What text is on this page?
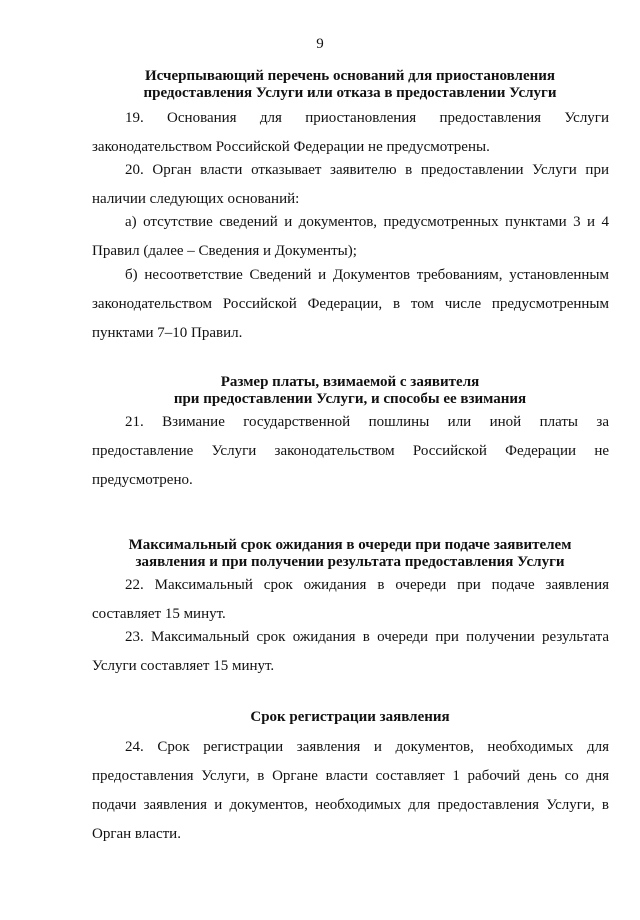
9
Исчерпывающий перечень оснований для приостановления
предоставления Услуги или отказа в предоставлении Услуги
19. Основания для приостановления предоставления Услуги законодательством Российской Федерации не предусмотрены.
20. Орган власти отказывает заявителю в предоставлении Услуги при наличии следующих оснований:
а) отсутствие сведений и документов, предусмотренных пунктами 3 и 4 Правил (далее – Сведения и Документы);
б) несоответствие Сведений и Документов требованиям, установленным законодательством Российской Федерации, в том числе предусмотренным пунктами 7–10 Правил.
Размер платы, взимаемой с заявителя
при предоставлении Услуги, и способы ее взимания
21. Взимание государственной пошлины или иной платы за предоставление Услуги законодательством Российской Федерации не предусмотрено.
Максимальный срок ожидания в очереди при подаче заявителем
заявления и при получении результата предоставления Услуги
22. Максимальный срок ожидания в очереди при подаче заявления составляет 15 минут.
23. Максимальный срок ожидания в очереди при получении результата Услуги составляет 15 минут.
Срок регистрации заявления
24. Срок регистрации заявления и документов, необходимых для предоставления Услуги, в Органе власти составляет 1 рабочий день со дня подачи заявления и документов, необходимых для предоставления Услуги, в Орган власти.
